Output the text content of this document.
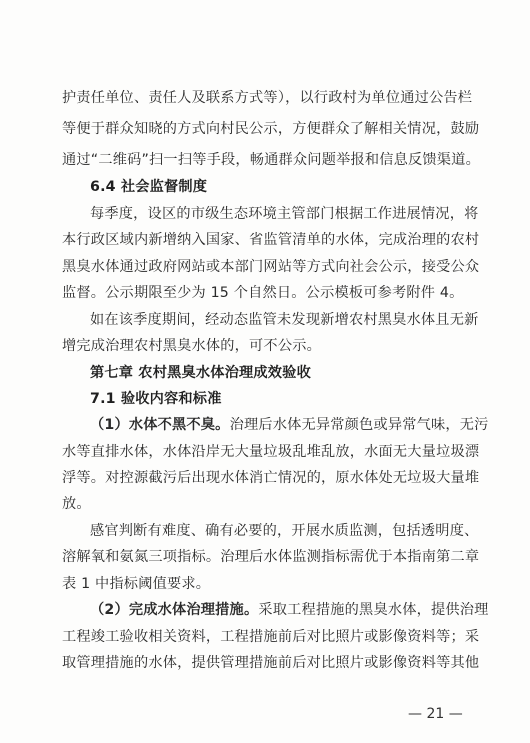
护责任单位、责任人及联系方式等），以行政村为单位通过公告栏
等便于群众知晓的方式向村民公示，方便群众了解相关情况，鼓励
通过“二维码”扫一扫等手段，畅通群众问题举报和信息反馈渠道。
6.4 社会监督制度
每季度，设区的市级生态环境主管部门根据工作进展情况，将
本行政区域内新增纳入国家、省监管清单的水体，完成治理的农村
黑臭水体通过政府网站或本部门网站等方式向社会公示，接受公众
监督。公示期限至少为 15 个自然日。公示模板可参考附件 4。
如在该季度期间，经动态监管未发现新增农村黑臭水体且无新
增完成治理农村黑臭水体的，可不公示。
第七章 农村黑臭水体治理成效验收
7.1 验收内容和标准
（1）水体不黑不臭。治理后水体无异常颜色或异常气味，无污
水等直排水体，水体沿岸无大量垃圾乱堆乱放，水面无大量垃圾漂
浮等。对控源截污后出现水体消亡情况的，原水体处无垃圾大量堆
放。
感官判断有难度、确有必要的，开展水质监测，包括透明度、
溶解氧和氨氮三项指标。治理后水体监测指标需优于本指南第二章
表 1 中指标阈值要求。
（2）完成水体治理措施。采取工程措施的黑臭水体，提供治理
工程竣工验收相关资料，工程措施前后对比照片或影像资料等；采
取管理措施的水体，提供管理措施前后对比照片或影像资料等其他
— 21 —
